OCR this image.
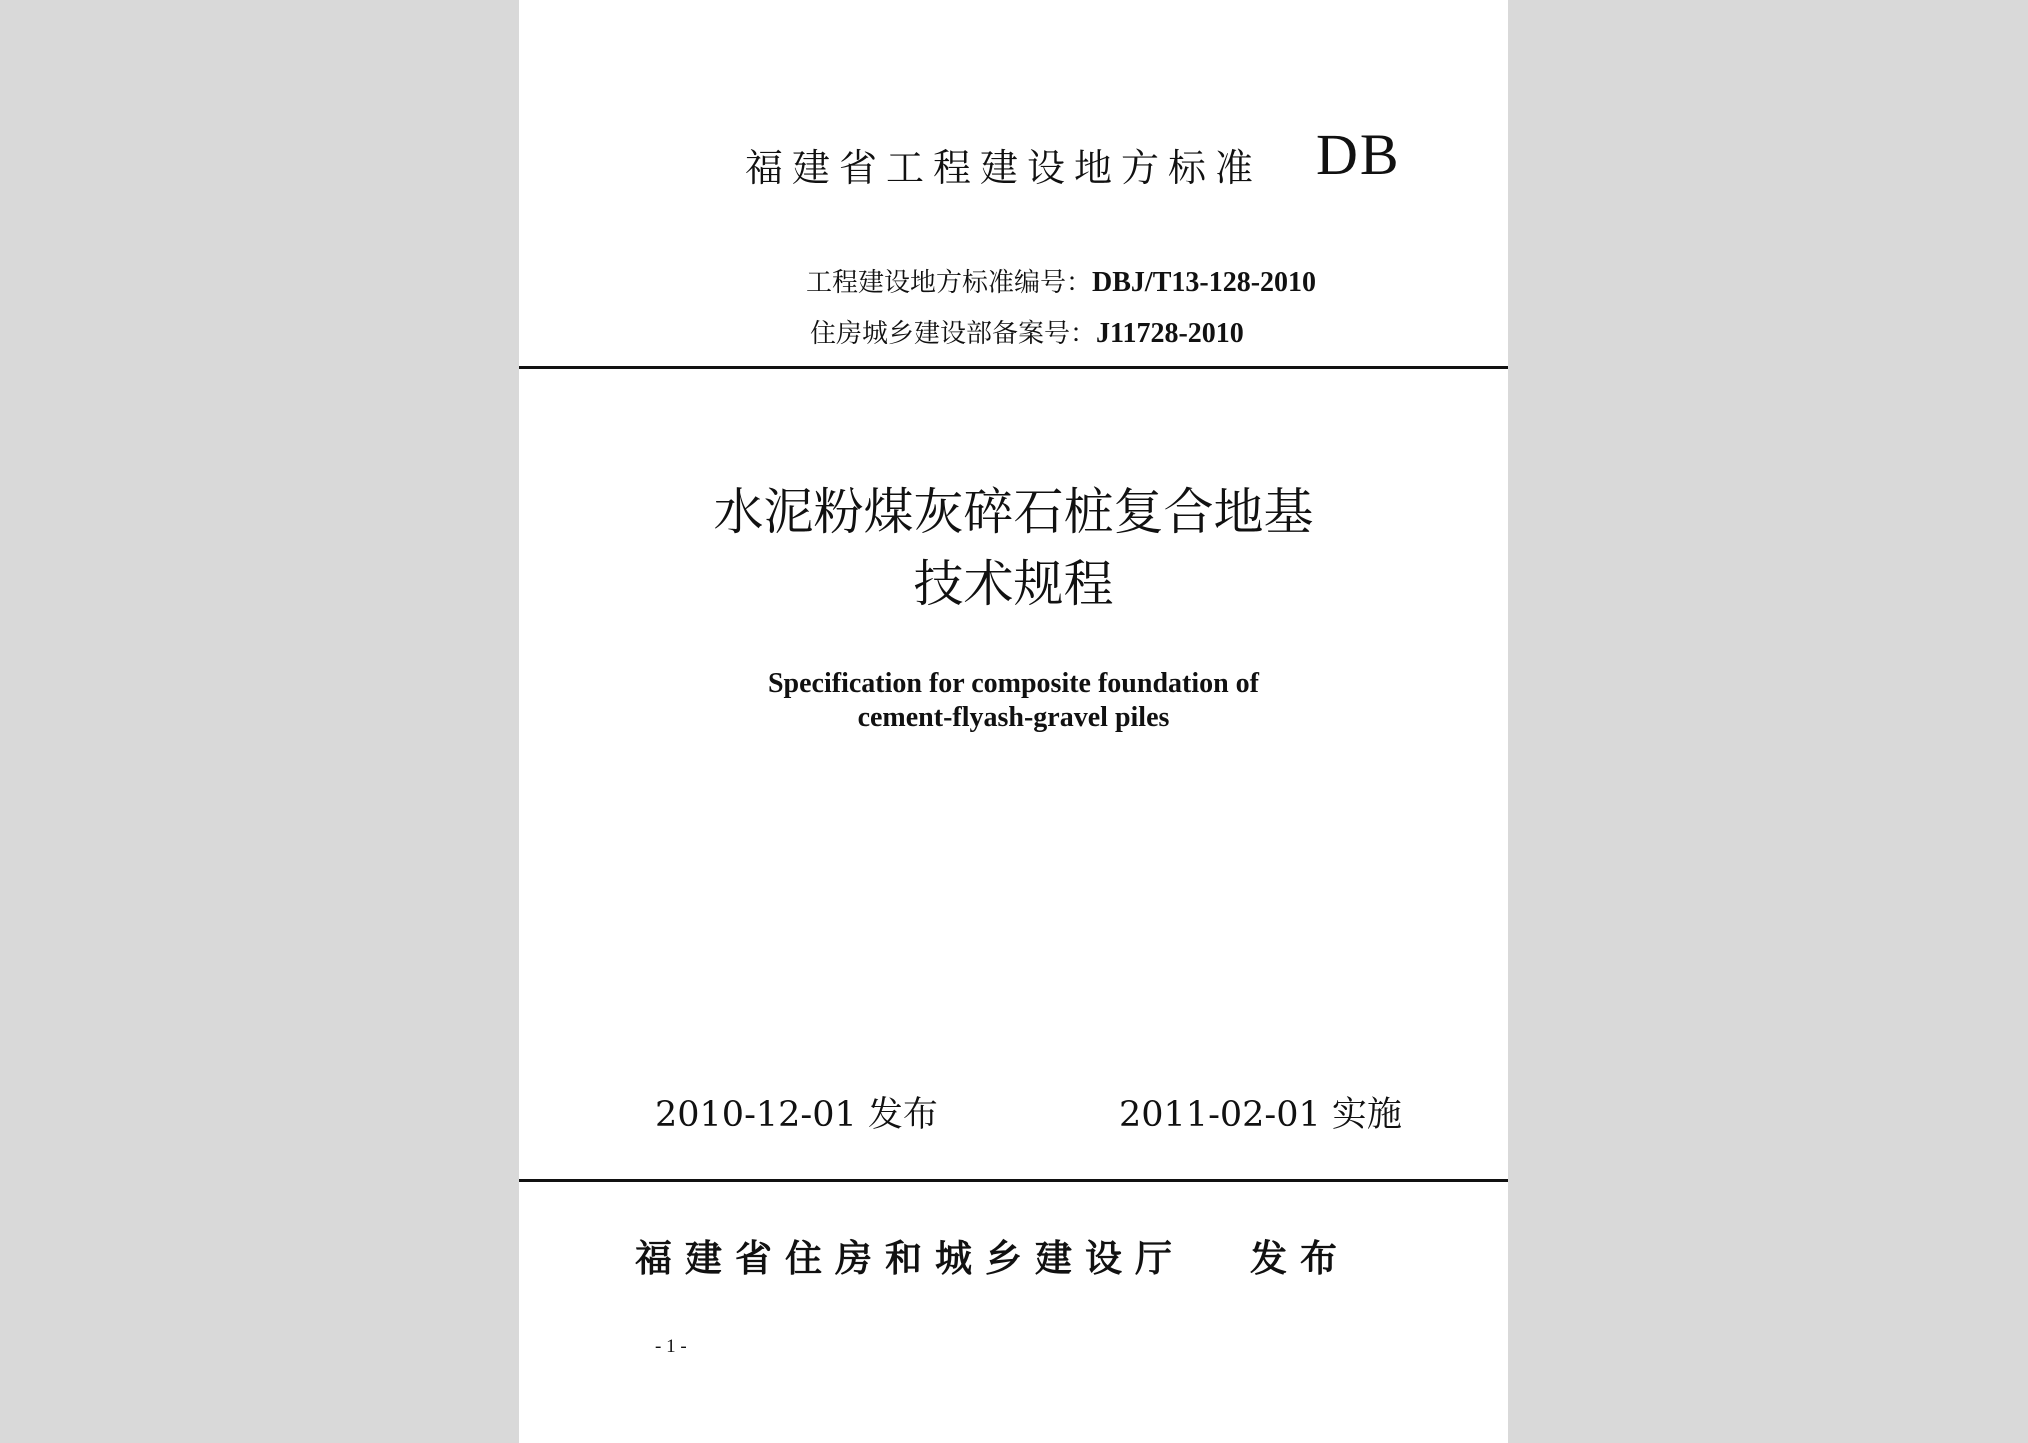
福建省工程建设地方标准 DB
工程建设地方标准编号：DBJ/T13-128-2010
住房城乡建设部备案号：J11728-2010
水泥粉煤灰碎石桩复合地基
技术规程
Specification for composite foundation of
cement-flyash-gravel piles
2010-12-01 发布	2011-02-01 实施
福建省住房和城乡建设厅 发布
- 1 -
